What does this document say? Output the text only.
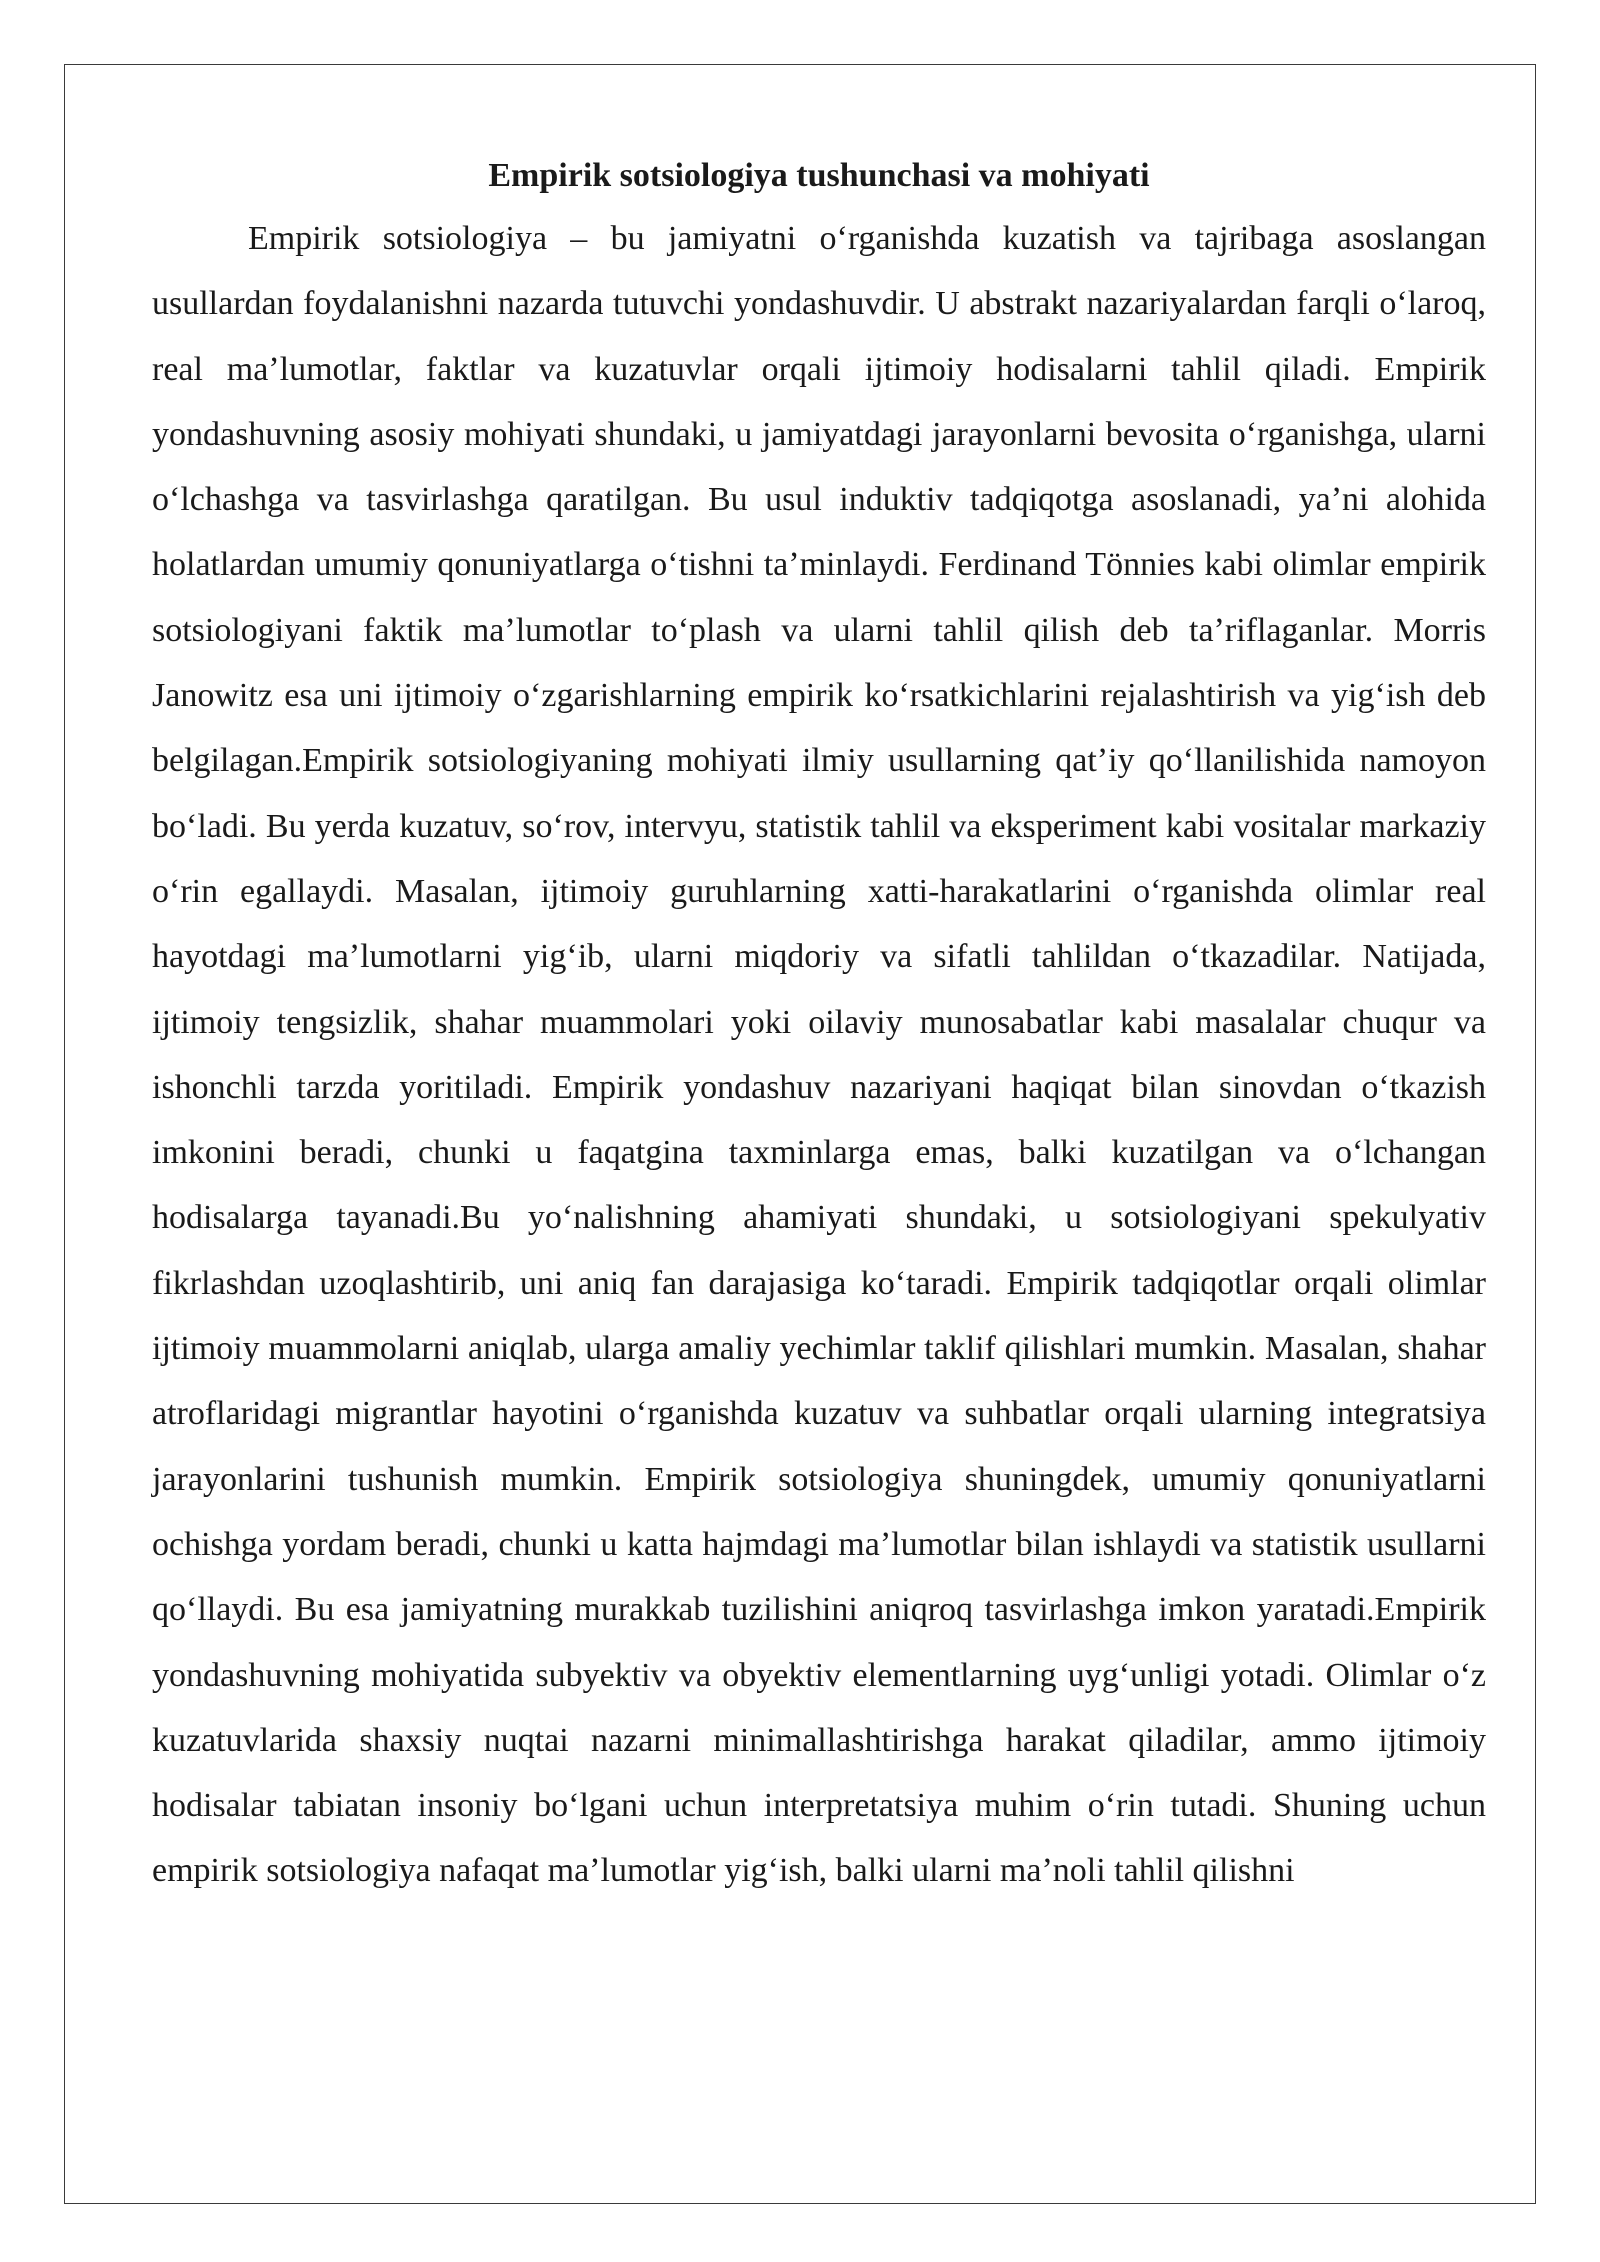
Empirik sotsiologiya tushunchasi va mohiyati

Empirik sotsiologiya – bu jamiyatni oʻrganishda kuzatish va tajribaga asoslangan usullardan foydalanishni nazarda tutuvchi yondashuvdir. U abstrakt nazariyalardan farqli oʻlaroq, real maʼlumotlar, faktlar va kuzatuvlar orqali ijtimoiy hodisalarni tahlil qiladi. Empirik yondashuvning asosiy mohiyati shundaki, u jamiyatdagi jarayonlarni bevosita oʻrganishga, ularni oʻlchashga va tasvirlashga qaratilgan. Bu usul induktiv tadqiqotga asoslanadi, yaʼni alohida holatlardan umumiy qonuniyatlarga oʻtishni taʼminlaydi. Ferdinand Tönnies kabi olimlar empirik sotsiologiyani faktik maʼlumotlar toʻplash va ularni tahlil qilish deb taʼriflaganlar. Morris Janowitz esa uni ijtimoiy oʻzgarishlarning empirik koʻrsatkichlarini rejalashtirish va yigʻish deb belgilagan.Empirik sotsiologiyaning mohiyati ilmiy usullarning qatʼiy qoʻllanilishida namoyon boʻladi. Bu yerda kuzatuv, soʻrov, intervyu, statistik tahlil va eksperiment kabi vositalar markaziy oʻrin egallaydi. Masalan, ijtimoiy guruhlarning xatti-harakatlarini oʻrganishda olimlar real hayotdagi maʼlumotlarni yigʻib, ularni miqdoriy va sifatli tahlildan oʻtkazadilar. Natijada, ijtimoiy tengsizlik, shahar muammolari yoki oilaviy munosabatlar kabi masalalar chuqur va ishonchli tarzda yoritiladi. Empirik yondashuv nazariyani haqiqat bilan sinovdan oʻtkazish imkonini beradi, chunki u faqatgina taxminlarga emas, balki kuzatilgan va oʻlchangan hodisalarga tayanadi.Bu yoʻnalishning ahamiyati shundaki, u sotsiologiyani spekulyativ fikrlashdan uzoqlashtirib, uni aniq fan darajasiga koʻtaradi. Empirik tadqiqotlar orqali olimlar ijtimoiy muammolarni aniqlab, ularga amaliy yechimlar taklif qilishlari mumkin. Masalan, shahar atroflaridagi migrantlar hayotini oʻrganishda kuzatuv va suhbatlar orqali ularning integratsiya jarayonlarini tushunish mumkin. Empirik sotsiologiya shuningdek, umumiy qonuniyatlarni ochishga yordam beradi, chunki u katta hajmdagi maʼlumotlar bilan ishlaydi va statistik usullarni qoʻllaydi. Bu esa jamiyatning murakkab tuzilishini aniqroq tasvirlashga imkon yaratadi.Empirik yondashuvning mohiyatida subyektiv va obyektiv elementlarning uygʻunligi yotadi. Olimlar oʻz kuzatuvlarida shaxsiy nuqtai nazarni minimallashtirishga harakat qiladilar, ammo ijtimoiy hodisalar tabiatan insoniy boʻlgani uchun interpretatsiya muhim oʻrin tutadi. Shuning uchun empirik sotsiologiya nafaqat maʼlumotlar yigʻish, balki ularni maʼnoli tahlil qilishni
